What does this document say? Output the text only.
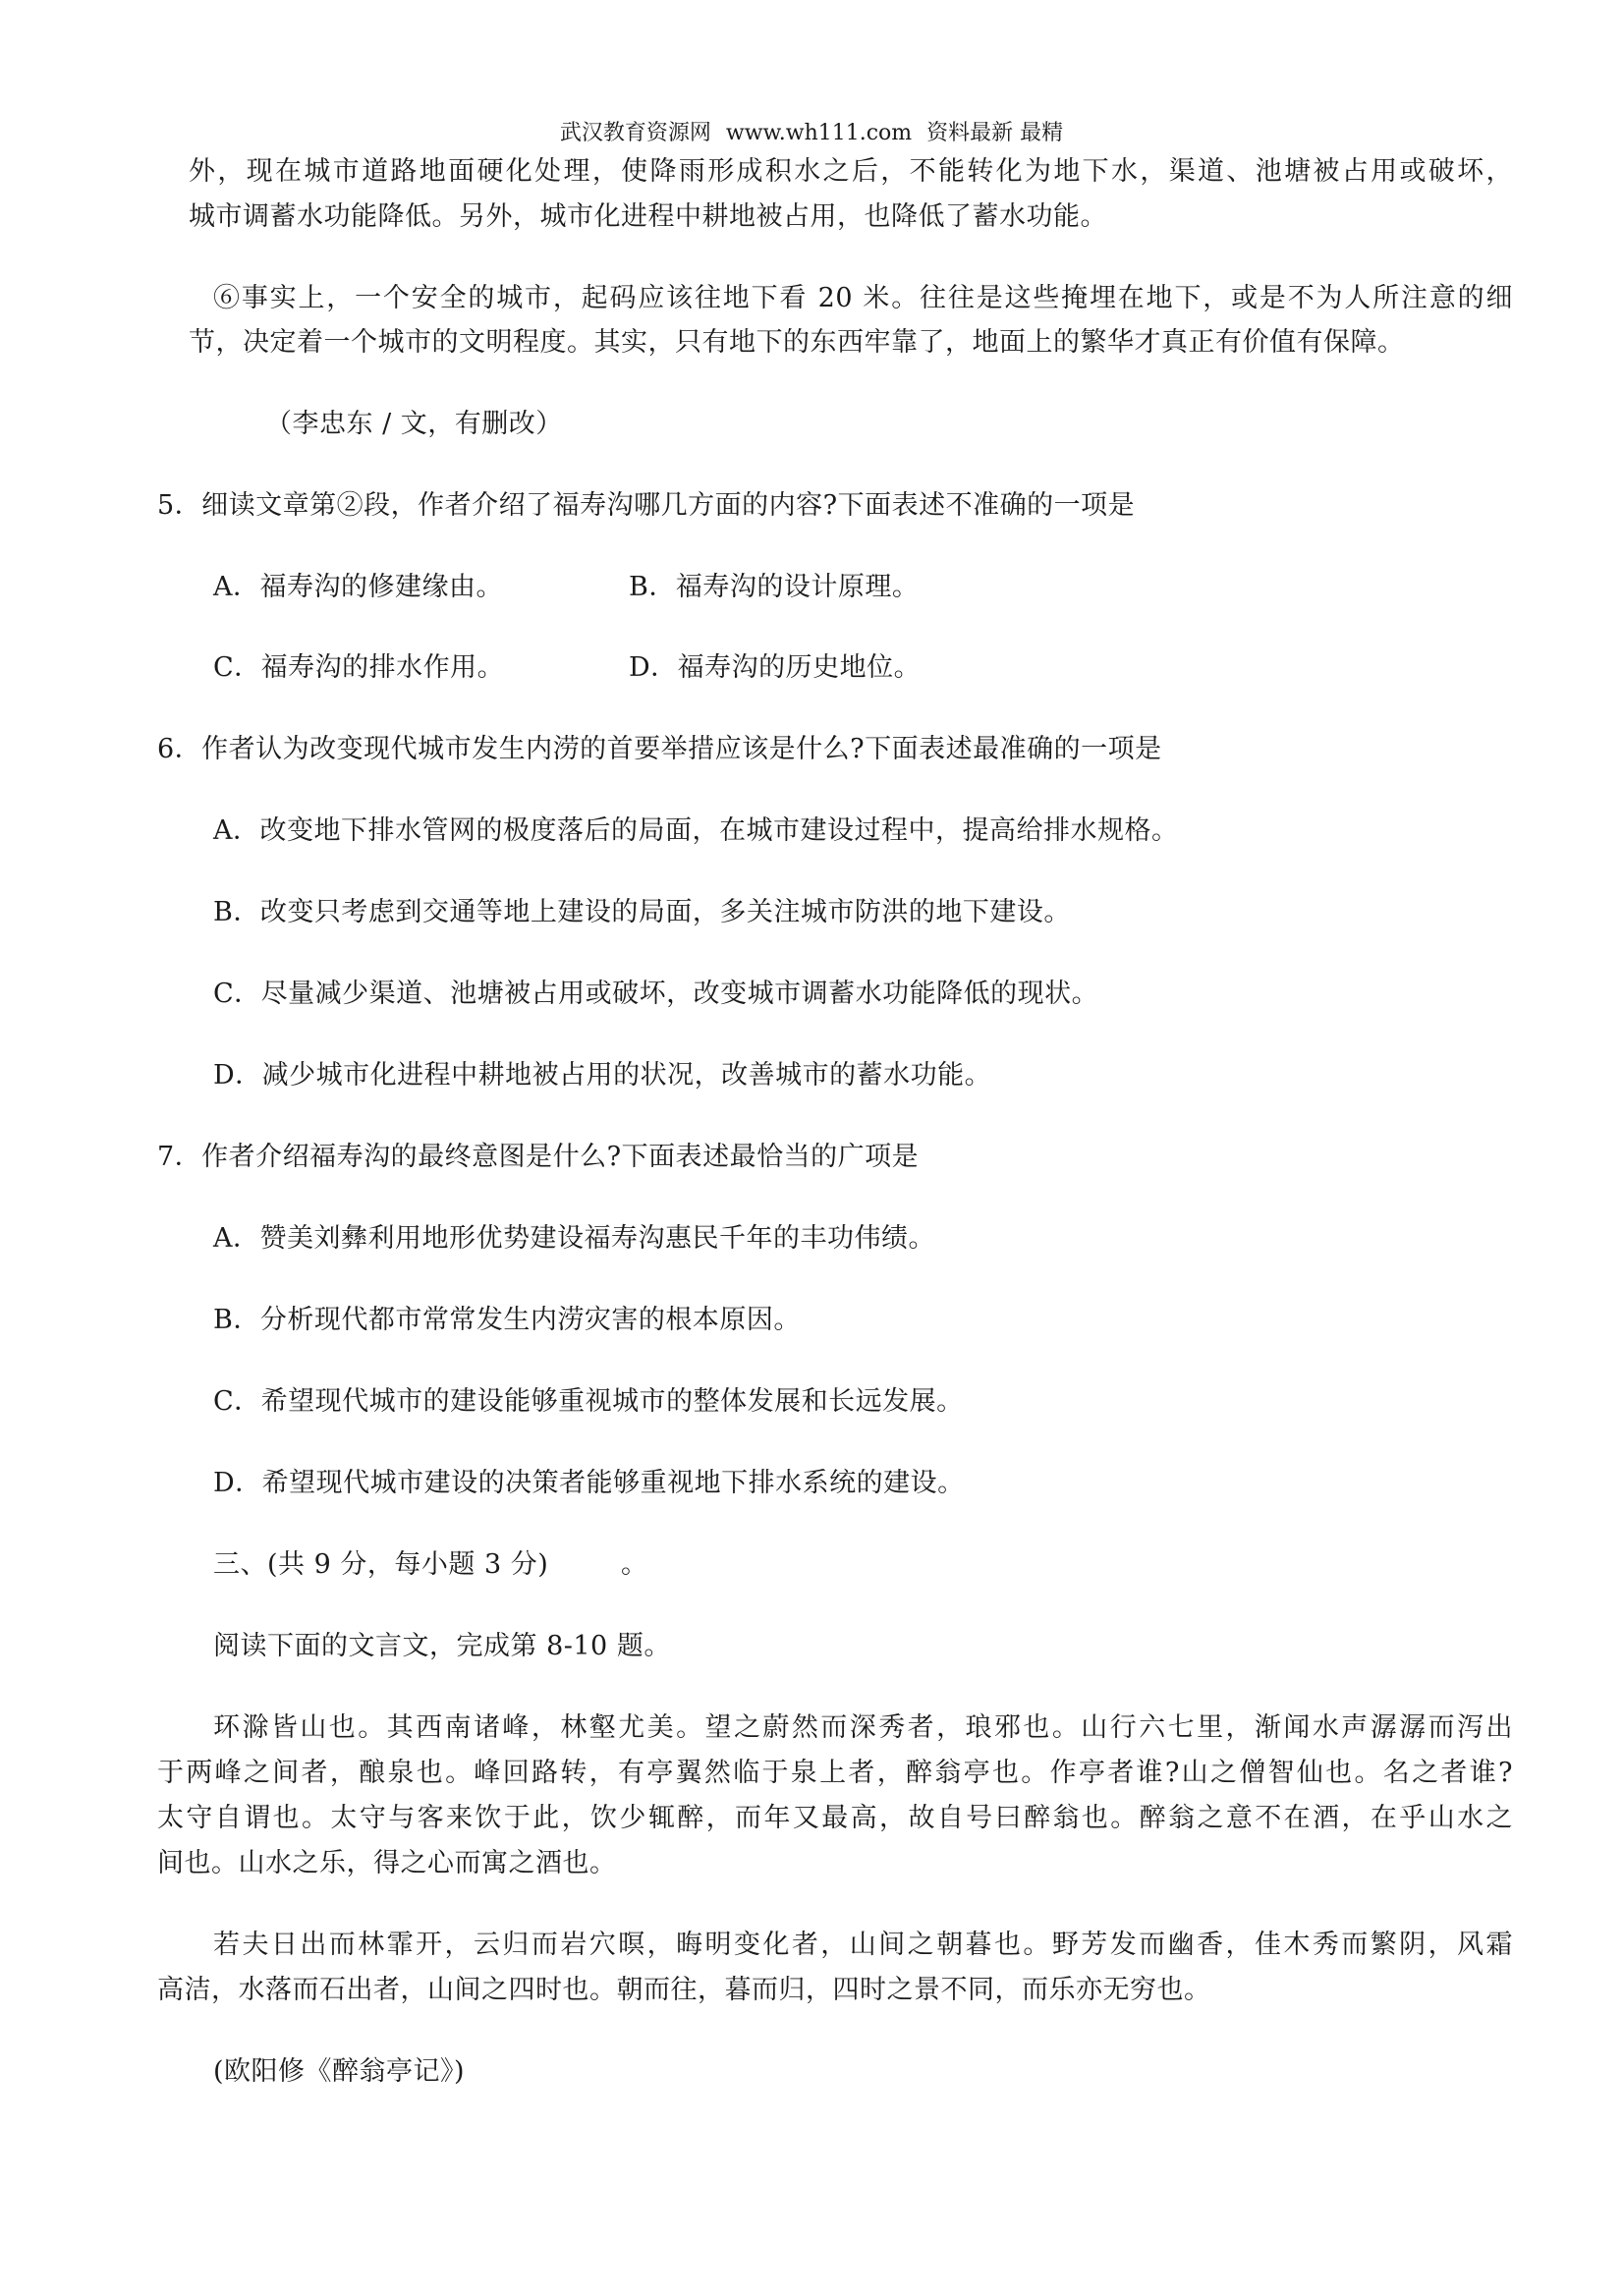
武汉教育资源网 www.wh111.com 资料最新 最精
外，现在城市道路地面硬化处理，使降雨形成积水之后，不能转化为地下水，渠道、池塘被占用或破坏，
城市调蓄水功能降低。另外，城市化进程中耕地被占用，也降低了蓄水功能。
⑥事实上，一个安全的城市，起码应该往地下看 20 米。往往是这些掩埋在地下，或是不为人所注意的细
节，决定着一个城市的文明程度。其实，只有地下的东西牢靠了，地面上的繁华才真正有价值有保障。
（李忠东 / 文，有删改）
5．细读文章第②段，作者介绍了福寿沟哪几方面的内容?下面表述不准确的一项是
A．福寿沟的修建缘由。	B．福寿沟的设计原理。
C．福寿沟的排水作用。	D．福寿沟的历史地位。
6．作者认为改变现代城市发生内涝的首要举措应该是什么?下面表述最准确的一项是
A．改变地下排水管网的极度落后的局面，在城市建设过程中，提高给排水规格。
B．改变只考虑到交通等地上建设的局面，多关注城市防洪的地下建设。
C．尽量减少渠道、池塘被占用或破坏，改变城市调蓄水功能降低的现状。
D．减少城市化进程中耕地被占用的状况，改善城市的蓄水功能。
7．作者介绍福寿沟的最终意图是什么?下面表述最恰当的广项是
A．赞美刘彝利用地形优势建设福寿沟惠民千年的丰功伟绩。
B．分析现代都市常常发生内涝灾害的根本原因。
C．希望现代城市的建设能够重视城市的整体发展和长远发展。
D．希望现代城市建设的决策者能够重视地下排水系统的建设。
三、(共 9 分，每小题 3 分)	。
阅读下面的文言文，完成第 8-10 题。
环滁皆山也。其西南诸峰，林壑尤美。望之蔚然而深秀者，琅邪也。山行六七里，渐闻水声潺潺而泻出
于两峰之间者，酿泉也。峰回路转，有亭翼然临于泉上者，醉翁亭也。作亭者谁?山之僧智仙也。名之者谁?
太守自谓也。太守与客来饮于此，饮少辄醉，而年又最高，故自号曰醉翁也。醉翁之意不在酒，在乎山水之
间也。山水之乐，得之心而寓之酒也。
若夫日出而林霏开，云归而岩穴暝，晦明变化者，山间之朝暮也。野芳发而幽香，佳木秀而繁阴，风霜
高洁，水落而石出者，山间之四时也。朝而往，暮而归，四时之景不同，而乐亦无穷也。
(欧阳修《醉翁亭记》)
